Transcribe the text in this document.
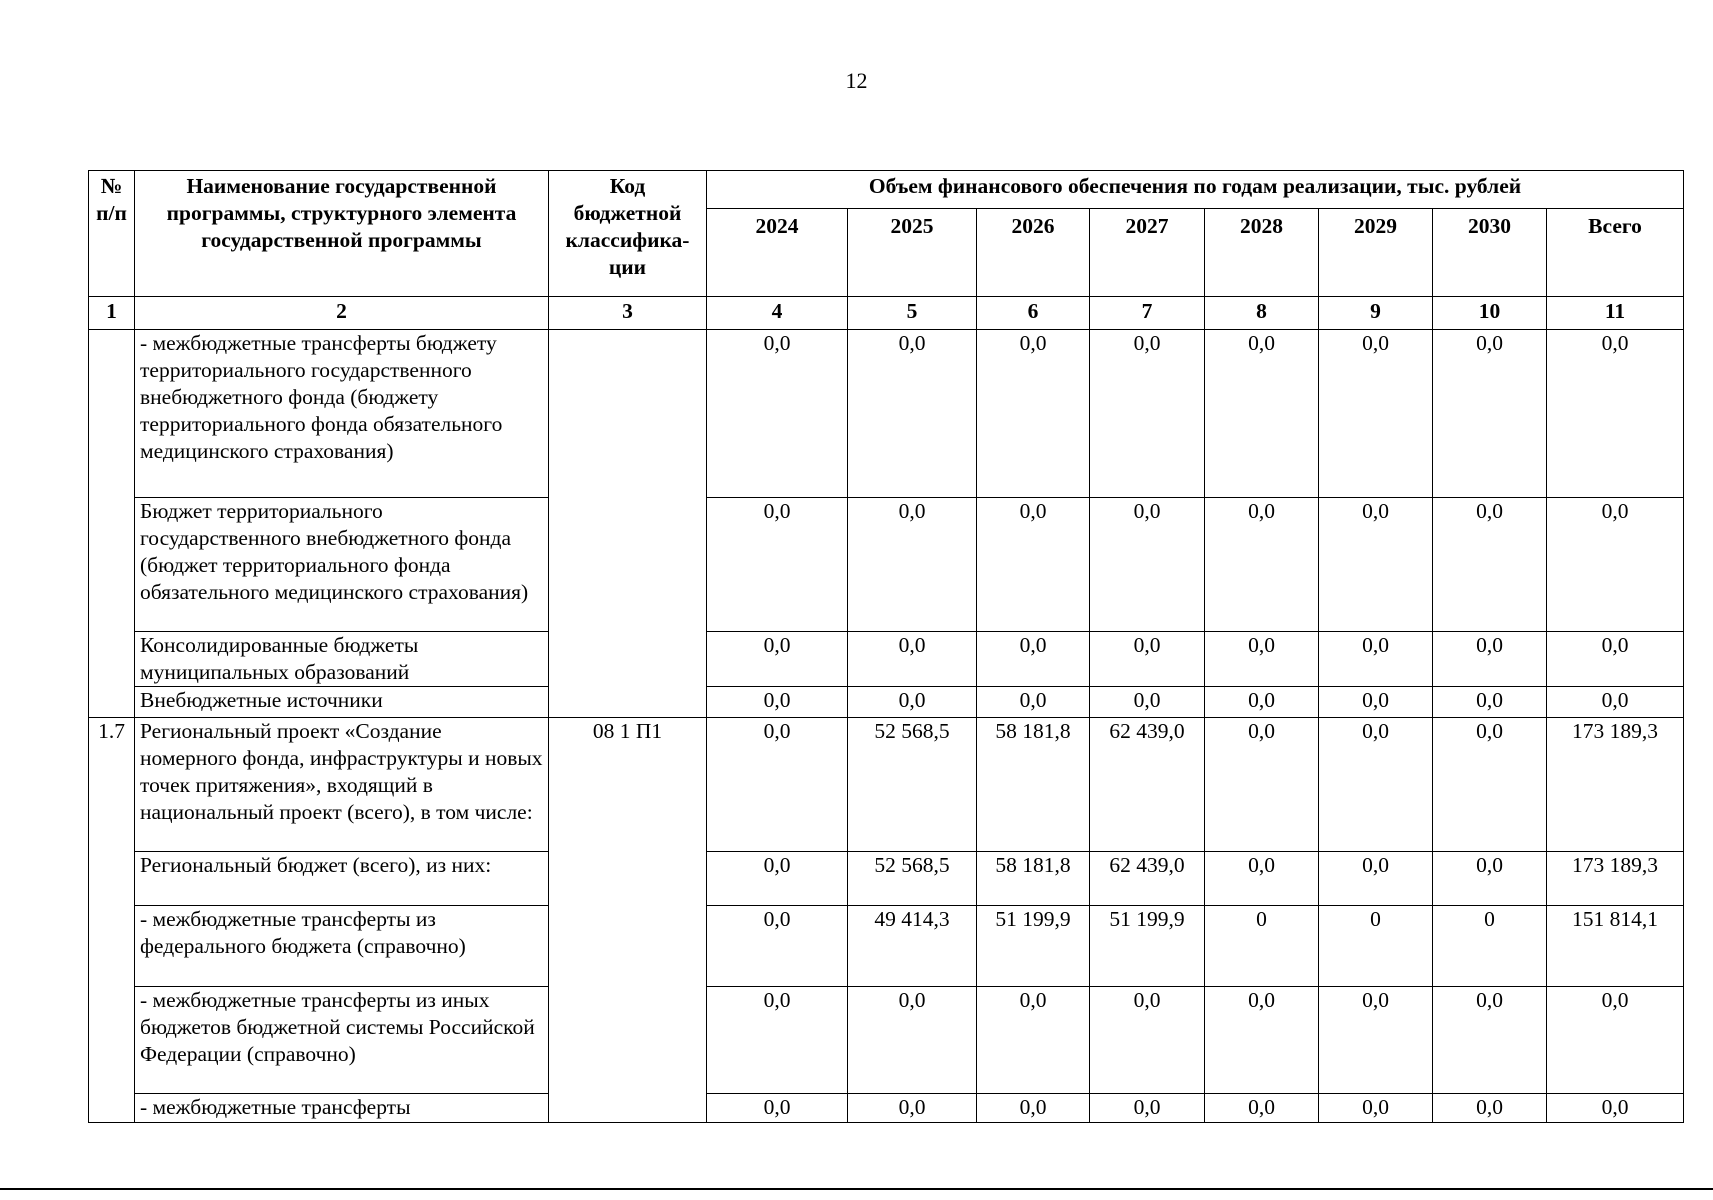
12
№ п/п	Наименование государственной программы, структурного элемента государственной программы	Код бюджетной классифика- ции	Объем финансового обеспечения по годам реализации, тыс. рублей							
			2024	2025	2026	2027	2028	2029	2030	Всего
1	2	3	4	5	6	7	8	9	10	11
	- межбюджетные трансферты бюджету территориального государственного внебюджетного фонда (бюджету территориального фонда обязательного медицинского страхования)		0,0	0,0	0,0	0,0	0,0	0,0	0,0	0,0
	Бюджет территориального государственного внебюджетного фонда (бюджет территориального фонда обязательного медицинского страхования)		0,0	0,0	0,0	0,0	0,0	0,0	0,0	0,0
	Консолидированные бюджеты муниципальных образований		0,0	0,0	0,0	0,0	0,0	0,0	0,0	0,0
	Внебюджетные источники		0,0	0,0	0,0	0,0	0,0	0,0	0,0	0,0
1.7	Региональный проект «Создание номерного фонда, инфраструктуры и новых точек притяжения», входящий в национальный проект (всего), в том числе:	08 1 П1	0,0	52 568,5	58 181,8	62 439,0	0,0	0,0	0,0	173 189,3
	Региональный бюджет (всего), из них:		0,0	52 568,5	58 181,8	62 439,0	0,0	0,0	0,0	173 189,3
	- межбюджетные трансферты из федерального бюджета (справочно)		0,0	49 414,3	51 199,9	51 199,9	0	0	0	151 814,1
	- межбюджетные трансферты из иных бюджетов бюджетной системы Российской Федерации (справочно)		0,0	0,0	0,0	0,0	0,0	0,0	0,0	0,0
	- межбюджетные трансферты		0,0	0,0	0,0	0,0	0,0	0,0	0,0	0,0
